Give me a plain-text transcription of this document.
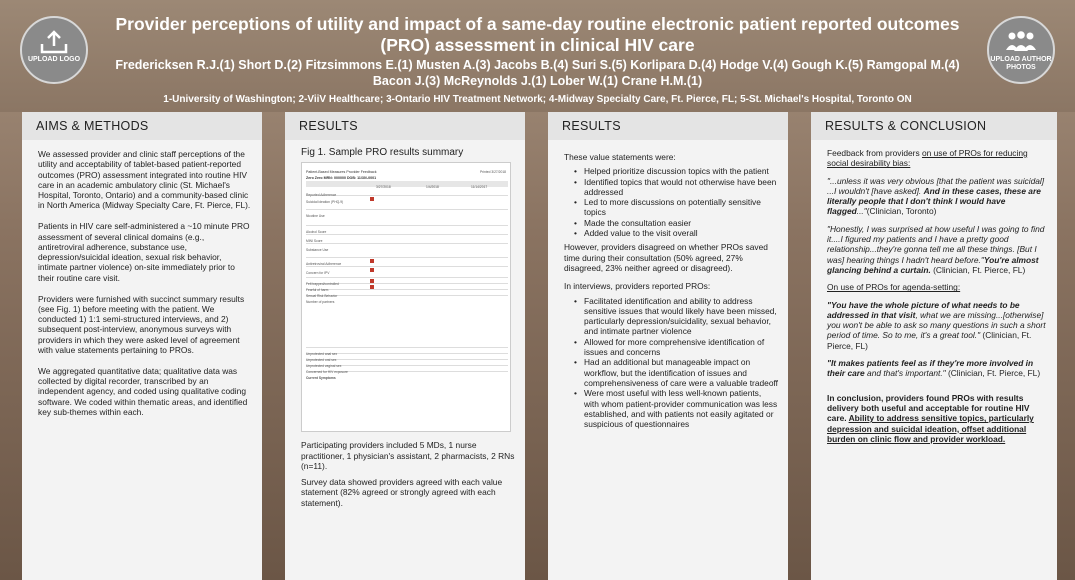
UPLOAD LOGO
Provider perceptions of utility and impact of a same-day routine electronic patient reported outcomes (PRO) assessment in clinical HIV care
Fredericksen R.J.(1) Short D.(2) Fitzsimmons E.(1) Musten A.(3) Jacobs B.(4) Suri S.(5) Korlipara D.(4) Hodge V.(4) Gough K.(5) Ramgopal M.(4) Bacon J.(3) McReynolds J.(1) Lober W.(1) Crane H.M.(1)
1-University of Washington; 2-ViiV Healthcare; 3-Ontario HIV Treatment Network; 4-Midway Specialty Care, Ft. Pierce, FL; 5-St. Michael's Hospital, Toronto ON
UPLOAD AUTHOR
PHOTOS
AIMS & METHODS

We assessed provider and clinic staff perceptions of the utility and acceptability of tablet-based patient-reported outcomes (PRO) assessment integrated into routine HIV care in an academic ambulatory clinic (St. Michael's Hospital, Toronto, Ontario) and a community-based clinic in North America (Midway Specialty Care, Ft. Pierce, FL).

Patients in HIV care self-administered a ~10 minute PRO assessment of several clinical domains (e.g., antiretroviral adherence, substance use, depression/suicidal ideation, sexual risk behavior, intimate partner violence) on-site immediately prior to their routine care visit.

Providers were furnished with succinct summary results (see Fig. 1) before meeting with the patient. We conducted 1) 1:1 semi-structured interviews, and 2) subsequent post-interview, anonymous surveys with providers in which they were asked level of agreement with value statements pertaining to PROs.

We aggregated quantitative data; qualitative data was collected by digital recorder, transcribed by an independent agency, and coded using qualitative coding software. We coded within thematic areas, and identified key sub-themes within each.

RESULTS
Fig 1. Sample PRO results summary
Patient-Based Measures Provider Feedback
Zero Zero MRN: 000000 DOB: 11/30/-0001
Printed 3/27/2018
3/27/2018	1/4/2018	11/14/2017
Reported Adherence
Suicidal ideation (PHQ-9)
Nicotine Use
Alcohol Score
MINI Score
Substance Use
Antiretroviral Adherence
Concern for IPV
Felt trapped/controlled
Fearful of harm
Sexual Risk Behavior
Number of partners
Unprotected anal sex
Unprotected oral sex
Unprotected vaginal sex
Concerned for HIV exposure
Current Symptoms

Participating providers included 5 MDs, 1 nurse practitioner, 1 physician's assistant, 2 pharmacists, 2 RNs (n=11).

Survey data showed providers agreed with each value statement (82% agreed or strongly agreed with each statement).

RESULTS

These value statements were:

• Helped prioritize discussion topics with the patient
• Identified topics that would not otherwise have been addressed
• Led to more discussions on potentially sensitive topics
• Made the consultation easier
• Added value to the visit overall

However, providers disagreed on whether PROs saved time during their consultation (50% agreed, 27% disagreed, 23% neither agreed or disagreed).

In interviews, providers reported PROs:

• Facilitated identification and ability to address sensitive issues that would likely have been missed, particularly depression/suicidality, sexual behavior, and intimate partner violence
• Allowed for more comprehensive identification of issues and concerns
• Had an additional but manageable impact on workflow, but the identification of issues and comprehensiveness of care were a valuable tradeoff
• Were most useful with less well-known patients, with whom patient-provider communication was less established, and with patients not easily agitated or suspicious of questionnaires
RESULTS & CONCLUSION

Feedback from providers on use of PROs for reducing social desirability bias:

"...unless it was very obvious [that the patient was suicidal] ...I wouldn't [have asked]. And in these cases, these are literally people that I don't think I would have flagged..."(Clinician, Toronto)

"Honestly, I was surprised at how useful I was going to find it....I figured my patients and I have a pretty good relationship...they're gonna tell me all these things. [But I was] hearing things I hadn't heard before."You're almost glancing behind a curtain. (Clinician, Ft. Pierce, FL)

On use of PROs for agenda-setting:

"You have the whole picture of what needs to be addressed in that visit, what we are missing...[otherwise] you won't be able to ask so many questions in such a short period of time. So to me, it's a great tool." (Clinician, Ft. Pierce, FL)

"It makes patients feel as if they're more involved in their care and that's important." (Clinician, Ft. Pierce, FL)

In conclusion, providers found PROs with results delivery both useful and acceptable for routine HIV care. Ability to address sensitive topics, particularly depression and suicidal ideation, offset additional burden on clinic flow and provider workload.
